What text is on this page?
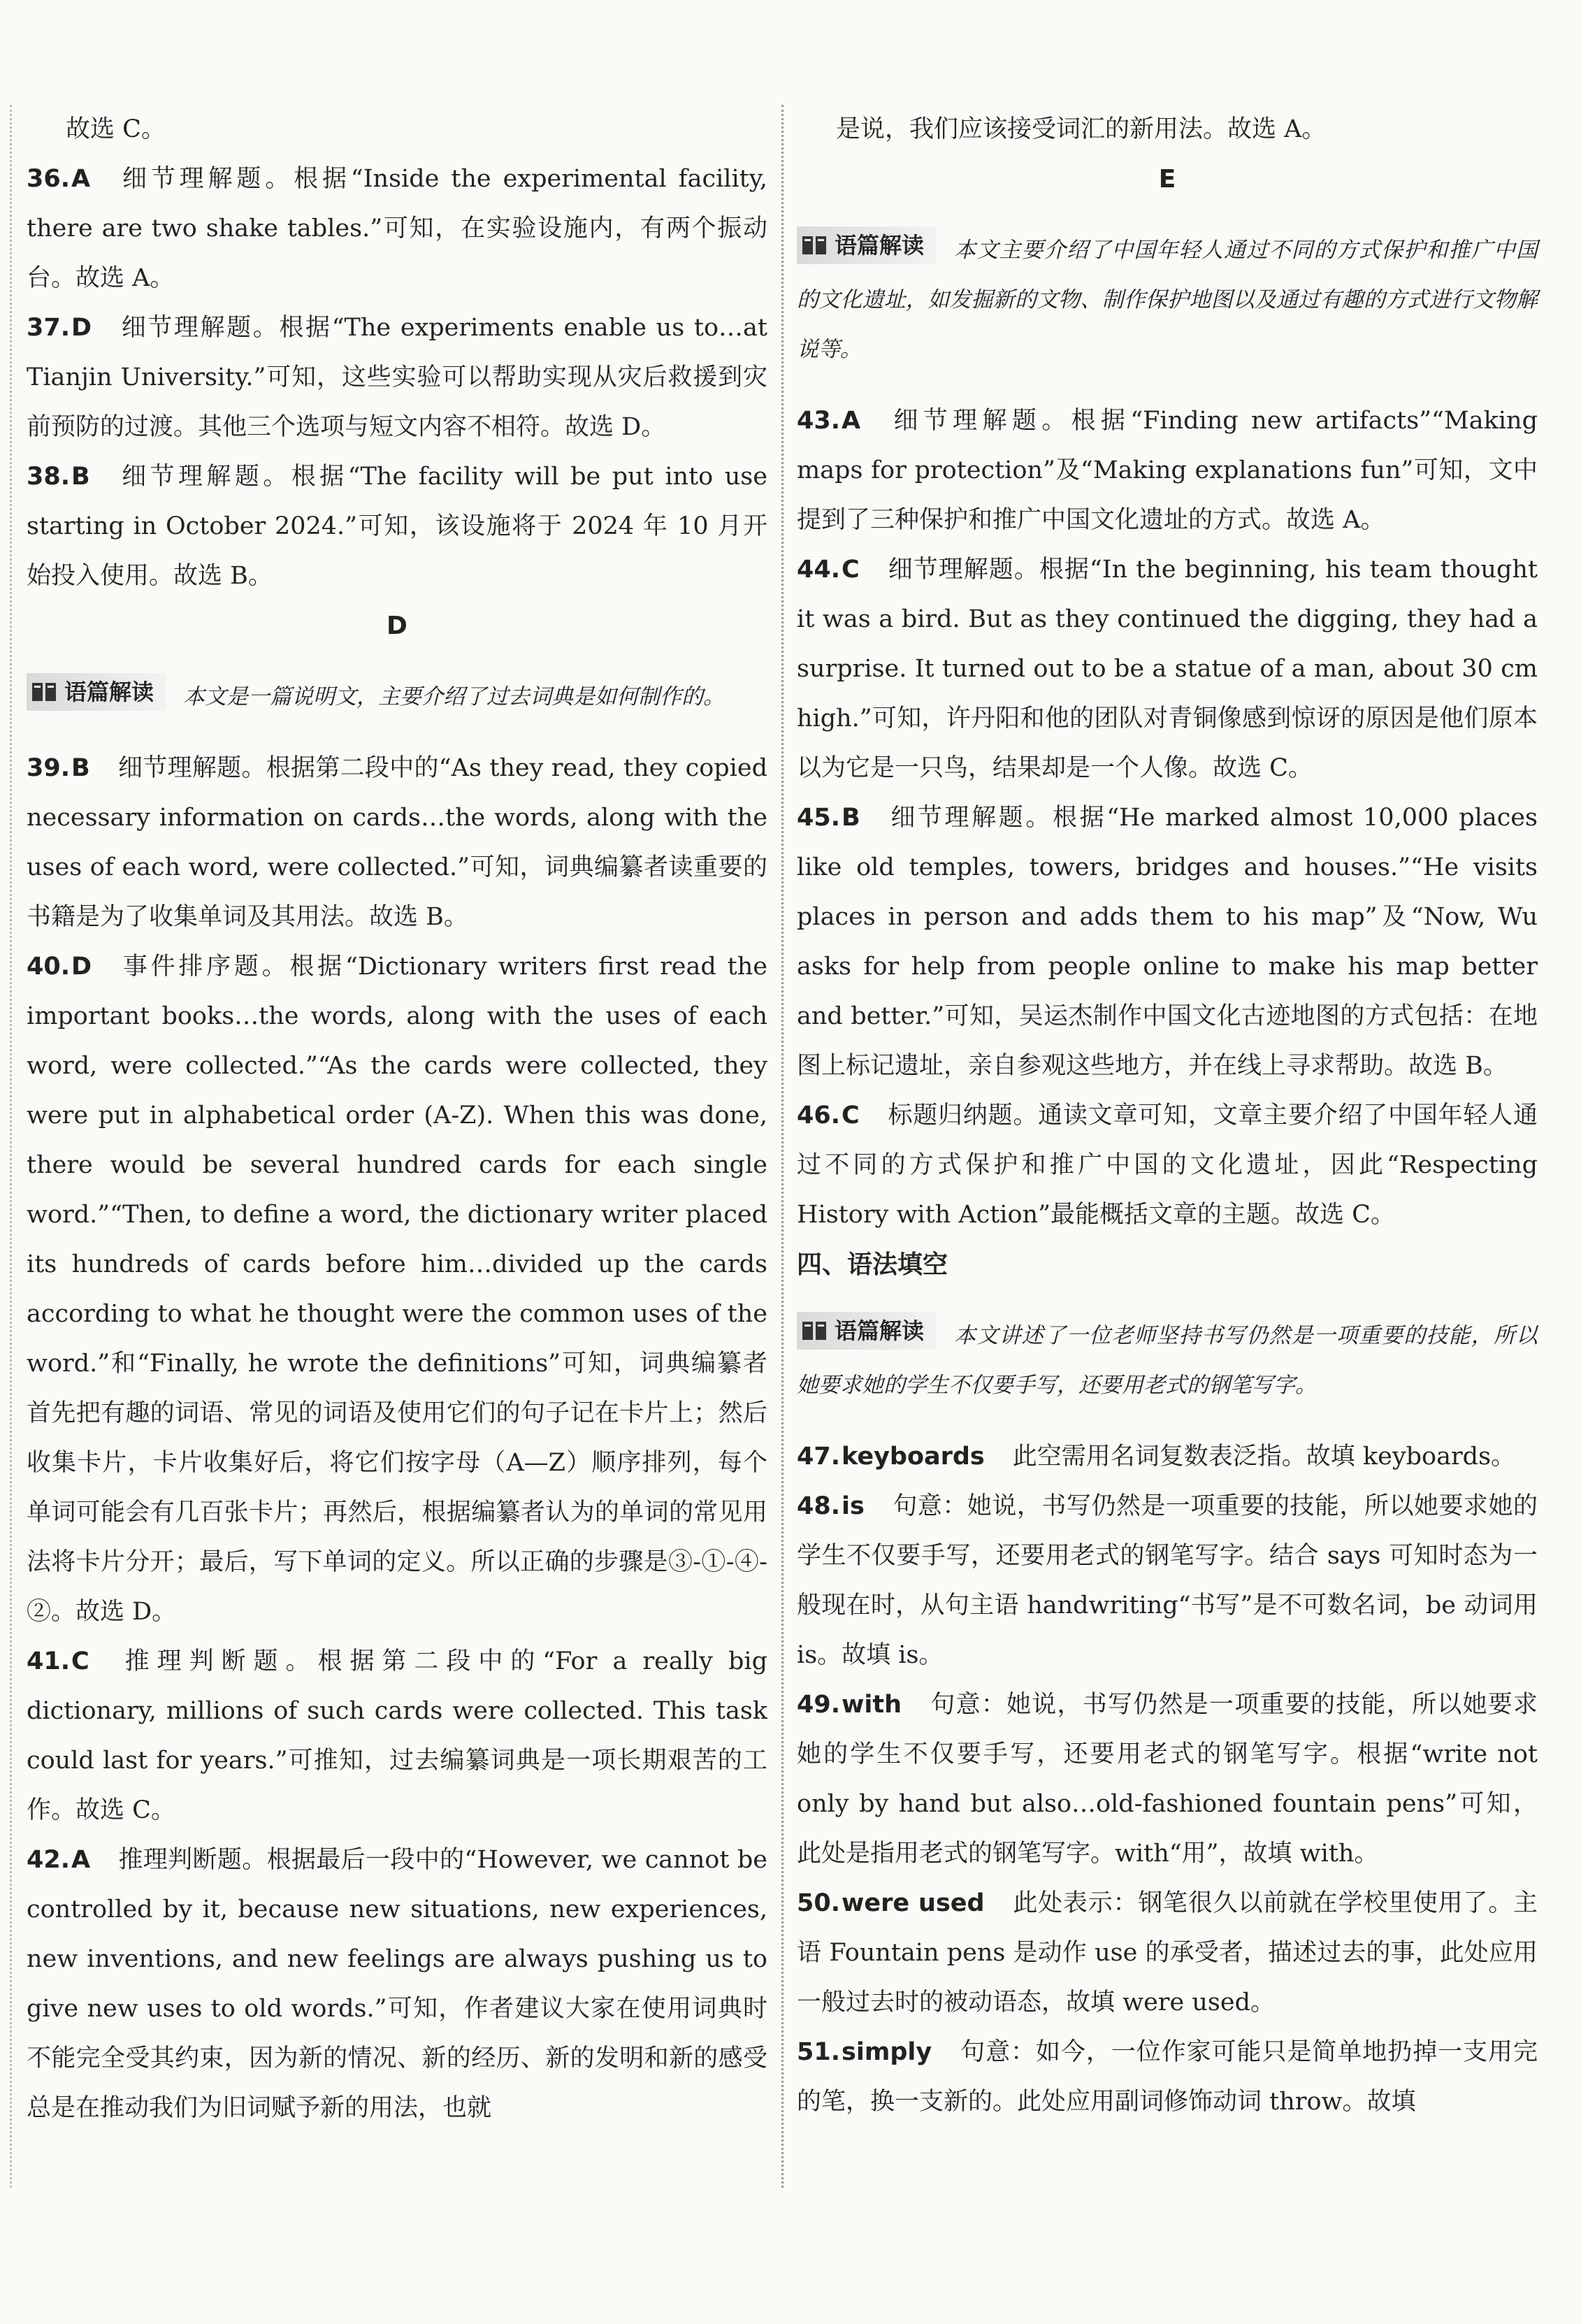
故选 C。

36.A 细节理解题。根据“Inside the experimental facility, there are two shake tables.”可知，在实验设施内，有两个振动台。故选 A。

37.D 细节理解题。根据“The experiments enable us to…at Tianjin University.”可知，这些实验可以帮助实现从灾后救援到灾前预防的过渡。其他三个选项与短文内容不相符。故选 D。

38.B 细节理解题。根据“The facility will be put into use starting in October 2024.”可知，该设施将于 2024 年 10 月开始投入使用。故选 B。

D

语篇解读 本文是一篇说明文，主要介绍了过去词典是如何制作的。

39.B 细节理解题。根据第二段中的“As they read, they copied necessary information on cards…the words, along with the uses of each word, were collected.”可知，词典编纂者读重要的书籍是为了收集单词及其用法。故选 B。

40.D 事件排序题。根据“Dictionary writers first read the important books…the words, along with the uses of each word, were collected.”“As the cards were collected, they were put in alphabetical order (A-Z). When this was done, there would be several hundred cards for each single word.”“Then, to define a word, the dictionary writer placed its hundreds of cards before him…divided up the cards according to what he thought were the common uses of the word.”和“Finally, he wrote the definitions”可知，词典编纂者首先把有趣的词语、常见的词语及使用它们的句子记在卡片上；然后收集卡片，卡片收集好后，将它们按字母（A—Z）顺序排列，每个单词可能会有几百张卡片；再然后，根据编纂者认为的单词的常见用法将卡片分开；最后，写下单词的定义。所以正确的步骤是③-①-④-②。故选 D。

41.C 推理判断题。根据第二段中的“For a really big dictionary, millions of such cards were collected. This task could last for years.”可推知，过去编纂词典是一项长期艰苦的工作。故选 C。

42.A 推理判断题。根据最后一段中的“However, we cannot be controlled by it, because new situations, new experiences, new inventions, and new feelings are always pushing us to give new uses to old words.”可知，作者建议大家在使用词典时不能完全受其约束，因为新的情况、新的经历、新的发明和新的感受总是在推动我们为旧词赋予新的用法，也就

是说，我们应该接受词汇的新用法。故选 A。

E

语篇解读 本文主要介绍了中国年轻人通过不同的方式保护和推广中国的文化遗址，如发掘新的文物、制作保护地图以及通过有趣的方式进行文物解说等。

43.A 细节理解题。根据“Finding new artifacts”“Making maps for protection”及“Making explanations fun”可知，文中提到了三种保护和推广中国文化遗址的方式。故选 A。

44.C 细节理解题。根据“In the beginning, his team thought it was a bird. But as they continued the digging, they had a surprise. It turned out to be a statue of a man, about 30 cm high.”可知，许丹阳和他的团队对青铜像感到惊讶的原因是他们原本以为它是一只鸟，结果却是一个人像。故选 C。

45.B 细节理解题。根据“He marked almost 10,000 places like old temples, towers, bridges and houses.”“He visits places in person and adds them to his map”及“Now, Wu asks for help from people online to make his map better and better.”可知，吴运杰制作中国文化古迹地图的方式包括：在地图上标记遗址，亲自参观这些地方，并在线上寻求帮助。故选 B。

46.C 标题归纳题。通读文章可知，文章主要介绍了中国年轻人通过不同的方式保护和推广中国的文化遗址，因此“Respecting History with Action”最能概括文章的主题。故选 C。

四、语法填空

语篇解读 本文讲述了一位老师坚持书写仍然是一项重要的技能，所以她要求她的学生不仅要手写，还要用老式的钢笔写字。

47.keyboards 此空需用名词复数表泛指。故填 keyboards。

48.is 句意：她说，书写仍然是一项重要的技能，所以她要求她的学生不仅要手写，还要用老式的钢笔写字。结合 says 可知时态为一般现在时，从句主语 handwriting“书写”是不可数名词，be 动词用 is。故填 is。

49.with 句意：她说，书写仍然是一项重要的技能，所以她要求她的学生不仅要手写，还要用老式的钢笔写字。根据“write not only by hand but also…old-fashioned fountain pens”可知，此处是指用老式的钢笔写字。with“用”，故填 with。

50.were used 此处表示：钢笔很久以前就在学校里使用了。主语 Fountain pens 是动作 use 的承受者，描述过去的事，此处应用一般过去时的被动语态，故填 were used。

51.simply 句意：如今，一位作家可能只是简单地扔掉一支用完的笔，换一支新的。此处应用副词修饰动词 throw。故填
